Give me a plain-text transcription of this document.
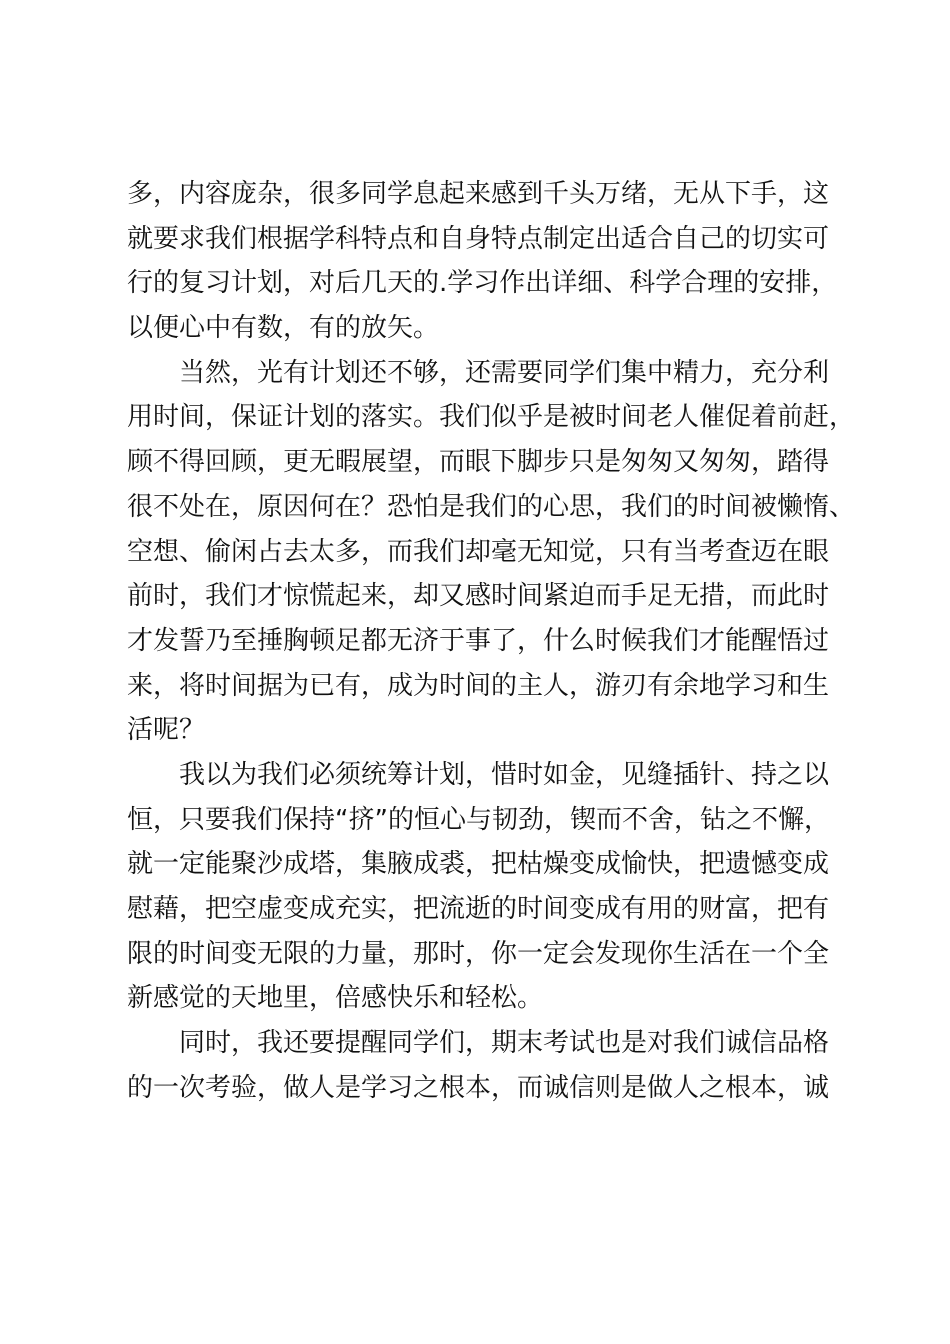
多，内容庞杂，很多同学息起来感到千头万绪，无从下手，这
就要求我们根据学科特点和自身特点制定出适合自己的切实可
行的复习计划，对后几天的.学习作出详细、科学合理的安排，
以便心中有数，有的放矢。
当然，光有计划还不够，还需要同学们集中精力，充分利
用时间，保证计划的落实。我们似乎是被时间老人催促着前赶，
顾不得回顾，更无暇展望，而眼下脚步只是匆匆又匆匆，踏得
很不处在，原因何在？恐怕是我们的心思，我们的时间被懒惰、
空想、偷闲占去太多，而我们却毫无知觉，只有当考查迈在眼
前时，我们才惊慌起来，却又感时间紧迫而手足无措，而此时
才发誓乃至捶胸顿足都无济于事了，什么时候我们才能醒悟过
来，将时间据为已有，成为时间的主人，游刃有余地学习和生
活呢？
我以为我们必须统筹计划，惜时如金，见缝插针、持之以
恒，只要我们保持“挤”的恒心与韧劲，锲而不舍，钻之不懈，
就一定能聚沙成塔，集腋成裘，把枯燥变成愉快，把遗憾变成
慰藉，把空虚变成充实，把流逝的时间变成有用的财富，把有
限的时间变无限的力量，那时，你一定会发现你生活在一个全
新感觉的天地里，倍感快乐和轻松。
同时，我还要提醒同学们，期末考试也是对我们诚信品格
的一次考验，做人是学习之根本，而诚信则是做人之根本，诚
